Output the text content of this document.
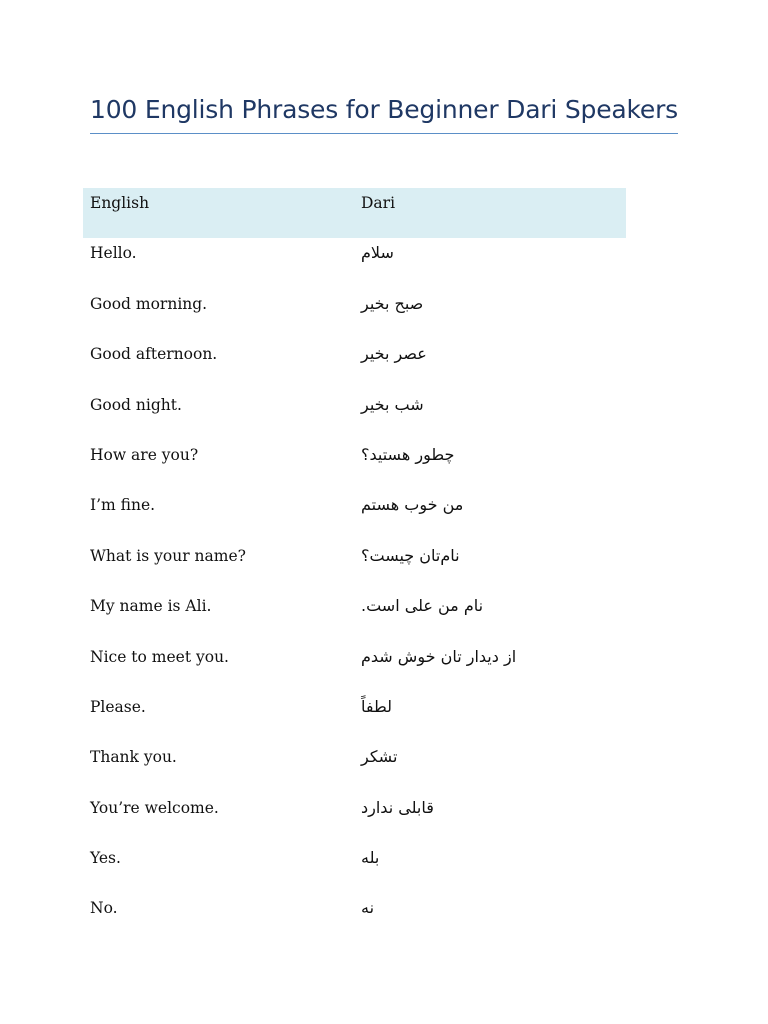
100 English Phrases for Beginner Dari Speakers
English	Dari
Hello.	سلام
Good morning.	صبح بخیر
Good afternoon.	عصر بخیر
Good night.	شب بخیر
How are you?	چطور هستید؟
I’m fine.	من خوب هستم
What is your name?	نام‌تان چیست؟
My name is Ali.	نام من علی است.
Nice to meet you.	از دیدار تان خوش شدم
Please.	لطفاً
Thank you.	تشکر
You’re welcome.	قابلی ندارد
Yes.	بله
No.	نه
